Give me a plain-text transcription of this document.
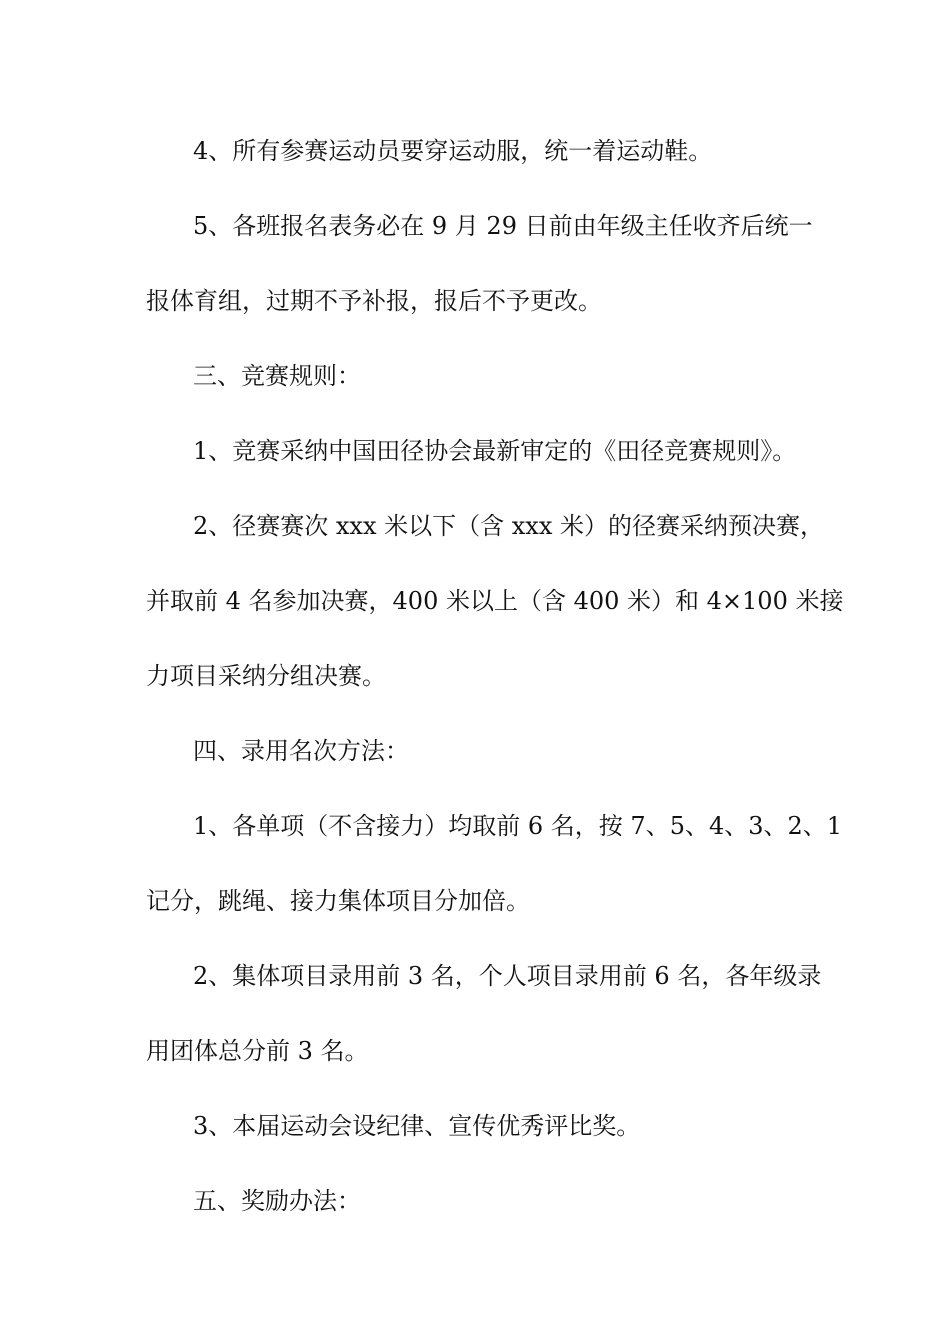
4、所有参赛运动员要穿运动服，统一着运动鞋。
5、各班报名表务必在 9 月 29 日前由年级主任收齐后统一
报体育组，过期不予补报，报后不予更改。
三、竞赛规则：
1、竞赛采纳中国田径协会最新审定的《田径竞赛规则》。
2、径赛赛次 xxx 米以下（含 xxx 米）的径赛采纳预决赛，
并取前 4 名参加决赛，400 米以上（含 400 米）和 4×100 米接
力项目采纳分组决赛。
四、录用名次方法：
1、各单项（不含接力）均取前 6 名，按 7、5、4、3、2、1
记分，跳绳、接力集体项目分加倍。
2、集体项目录用前 3 名，个人项目录用前 6 名，各年级录
用团体总分前 3 名。
3、本届运动会设纪律、宣传优秀评比奖。
五、奖励办法：
